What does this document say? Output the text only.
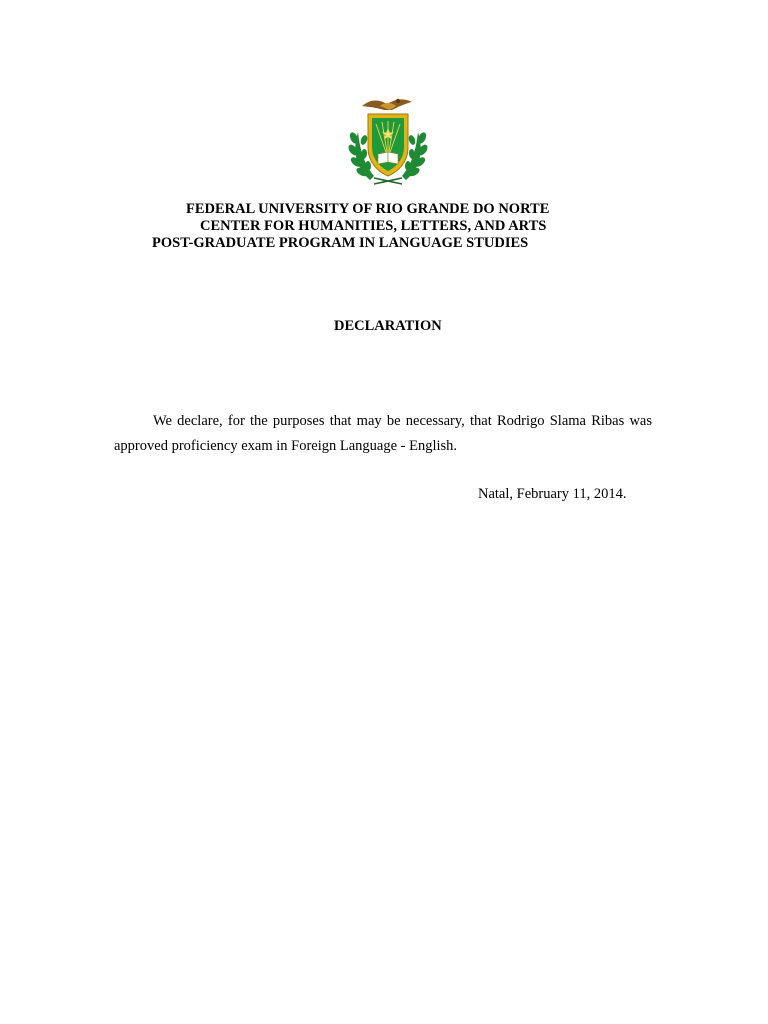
FEDERAL UNIVERSITY OF RIO GRANDE DO NORTE
CENTER FOR HUMANITIES, LETTERS, AND ARTS
POST-GRADUATE PROGRAM IN LANGUAGE STUDIES
DECLARATION
We declare, for the purposes that may be necessary, that Rodrigo Slama Ribas was approved proficiency exam in Foreign Language - English.
Natal, February 11, 2014.
